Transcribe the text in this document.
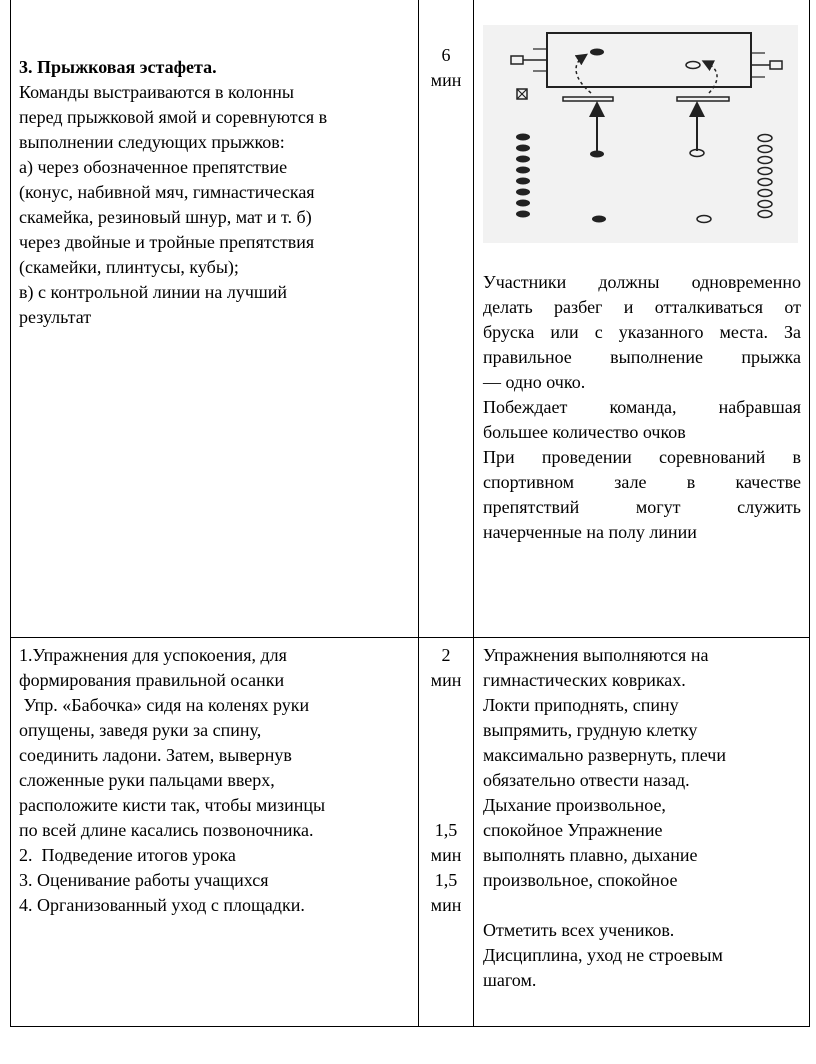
3. Прыжковая эстафета.
Команды выстраиваются в колонны
перед прыжковой ямой и соревнуются в
выполнении следующих прыжков:
а) через обозначенное препятствие
(конус, набивной мяч, гимнастическая
скамейка, резиновый шнур, мат и т. б)
через двойные и тройные препятствия
(скамейки, плинтусы, кубы);
в) с контрольной линии на лучший
результат
6
мин
Участники должны одновременно
делать разбег и отталкиваться от
бруска или с указанного места. За
правильное выполнение прыжка
— одно очко.
Побеждает команда, набравшая
большее количество очков
При проведении соревнований в
спортивном зале в качестве
препятствий могут служить
начерченные на полу линии
1.Упражнения для успокоения, для
формирования правильной осанки
Упр. «Бабочка» сидя на коленях руки
опущены, заведя руки за спину,
соединить ладони. Затем, вывернув
сложенные руки пальцами вверх,
расположите кисти так, чтобы мизинцы
по всей длине касались позвоночника.
2.  Подведение итогов урока
3. Оценивание работы учащихся
4. Организованный уход с площадки.
2
мин
1,5
мин
1,5
мин
Упражнения выполняются на
гимнастических ковриках.
Локти приподнять, спину
выпрямить, грудную клетку
максимально развернуть, плечи
обязательно отвести назад.
Дыхание произвольное,
спокойное Упражнение
выполнять плавно, дыхание
произвольное, спокойное
Отметить всех учеников.
Дисциплина, уход не строевым
шагом.
